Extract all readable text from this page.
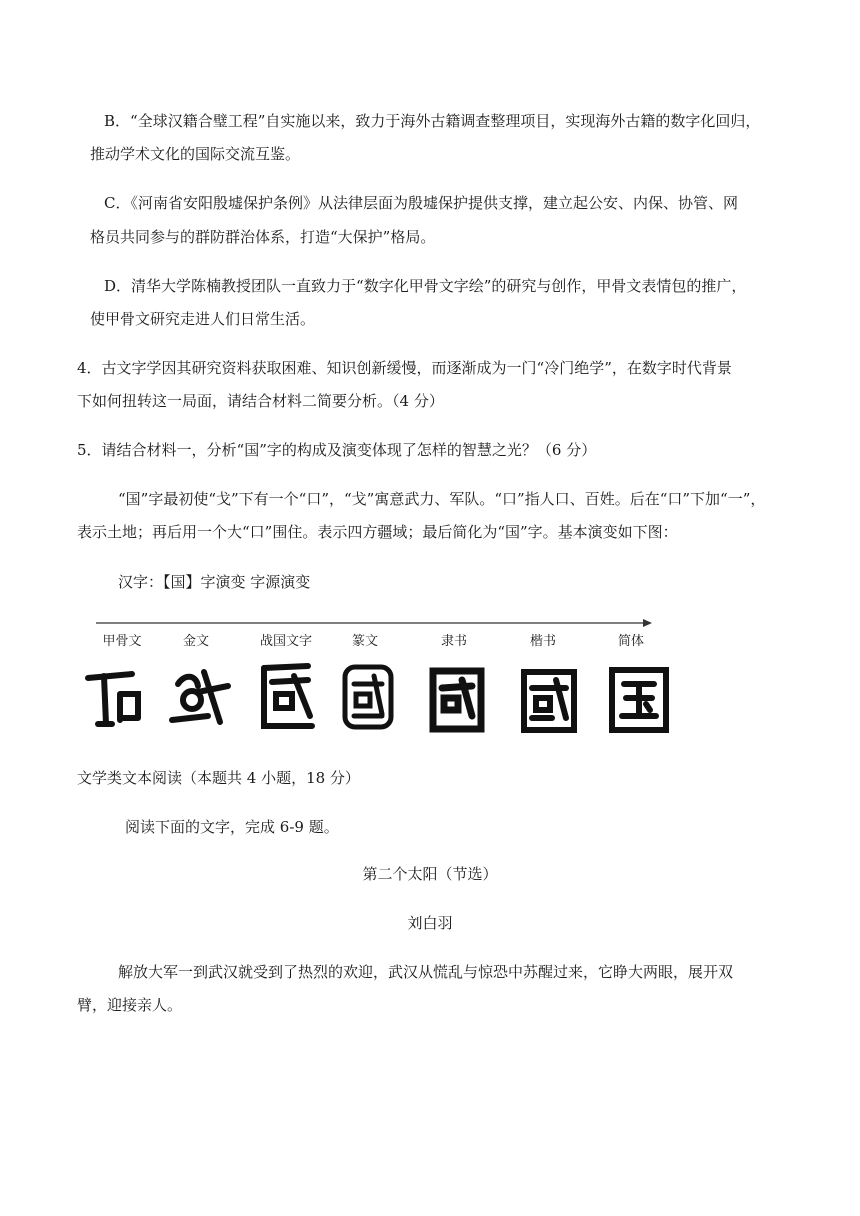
B．“全球汉籍合璧工程”自实施以来，致力于海外古籍调查整理项目，实现海外古籍的数字化回归，
推动学术文化的国际交流互鉴。
C．《河南省安阳殷墟保护条例》从法律层面为殷墟保护提供支撑，建立起公安、内保、协管、网
格员共同参与的群防群治体系，打造“大保护”格局。
D．清华大学陈楠教授团队一直致力于“数字化甲骨文字绘”的研究与创作，甲骨文表情包的推广，
使甲骨文研究走进人们日常生活。
4．古文字学因其研究资料获取困难、知识创新缓慢，而逐渐成为一门“冷门绝学”，在数字时代背景
下如何扭转这一局面，请结合材料二简要分析。（4 分）
5．请结合材料一，分析“国”字的构成及演变体现了怎样的智慧之光？（6 分）
“国”字最初使“戈”下有一个“口”，“戈”寓意武力、军队。“口”指人口、百姓。后在“口”下加“一”，
表示土地；再后用一个大“口”围住。表示四方疆域；最后简化为“国”字。基本演变如下图：
汉字：【国】字演变 字源演变
甲骨文	金文	战国文字	篆文	隶书	楷书	简体
文学类文本阅读（本题共 4 小题，18 分）
阅读下面的文字，完成 6-9 题。
第二个太阳（节选）
刘白羽
解放大军一到武汉就受到了热烈的欢迎，武汉从慌乱与惊恐中苏醒过来，它睁大两眼，展开双
臂，迎接亲人。
